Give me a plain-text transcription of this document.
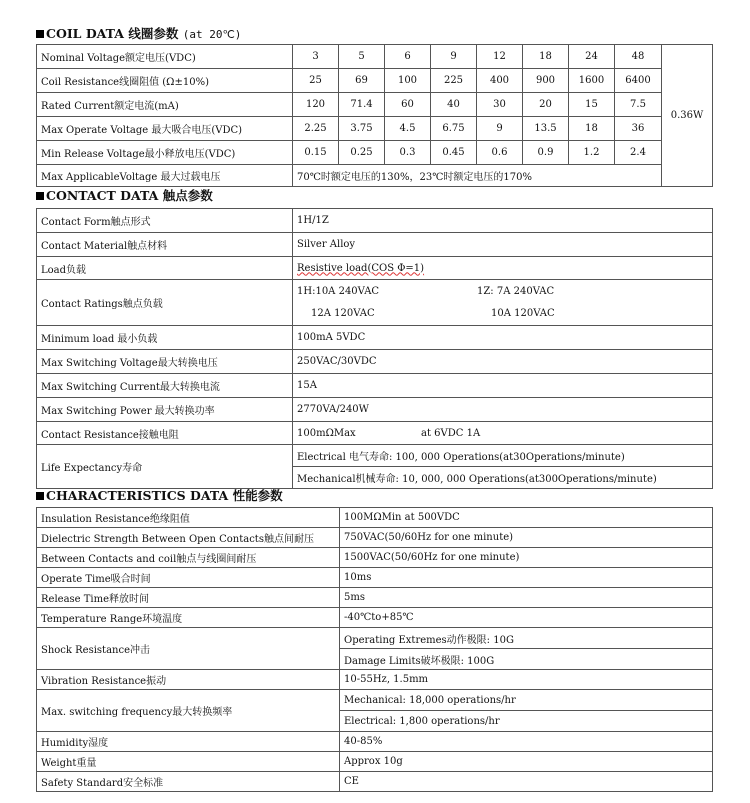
COIL DATA 线圈参数 (at 20℃)
Nominal Voltage额定电压(VDC)	3	5	6	9	12	18	24	48	0.36W
Coil Resistance线圈阻值 (Ω±10%)	25	69	100	225	400	900	1600	6400	
Rated Current额定电流(mA)	120	71.4	60	40	30	20	15	7.5	
Max Operate Voltage 最大吸合电压(VDC)	2.25	3.75	4.5	6.75	9	13.5	18	36	
Min Release Voltage最小释放电压(VDC)	0.15	0.25	0.3	0.45	0.6	0.9	1.2	2.4	
Max ApplicableVoltage 最大过载电压	70℃时额定电压的130%，23℃时额定电压的170%								
CONTACT DATA 触点参数
Contact Form触点形式	1H/1Z
Contact Material触点材料	Silver Alloy
Load负载	Resistive load(COS Φ=1)
Contact Ratings触点负载	1H:10A 240VAC 1Z: 7A 240VAC
12A 120VAC 10A 120VAC

Minimum load 最小负载	100mA 5VDC
Max Switching Voltage最大转换电压	250VAC/30VDC
Max Switching Current最大转换电流	15A
Max Switching Power 最大转换功率	2770VA/240W
Contact Resistance接触电阻	100mΩMax at 6VDC 1A
Life Expectancy寿命	Electrical 电气寿命: 100, 000 Operations(at30Operations/minute)
	Mechanical机械寿命: 10, 000, 000 Operations(at300Operations/minute)
CHARACTERISTICS DATA 性能参数
Insulation Resistance绝缘阻值	100MΩMin at 500VDC
Dielectric Strength Between Open Contacts触点间耐压	750VAC(50/60Hz for one minute)
Between Contacts and coil触点与线圈间耐压	1500VAC(50/60Hz for one minute)
Operate Time吸合时间	10ms
Release Time释放时间	5ms
Temperature Range环境温度	-40℃to+85℃
Shock Resistance冲击	Operating Extremes动作极限: 10G
	Damage Limits破坏极限: 100G
Vibration Resistance振动	10-55Hz, 1.5mm
Max. switching frequency最大转换频率	Mechanical: 18,000 operations/hr
	Electrical: 1,800 operations/hr
Humidity湿度	40-85%
Weight重量	Approx 10g
Safety Standard安全标准	CE
